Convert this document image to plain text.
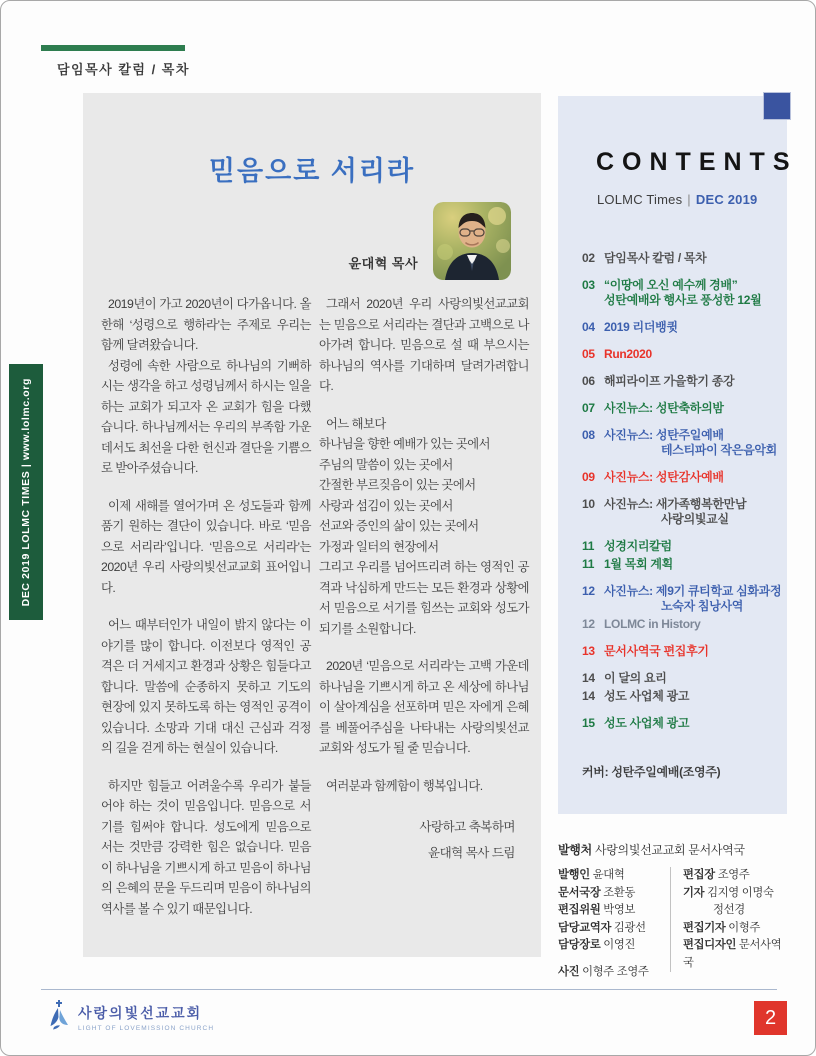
담임목사 칼럼 / 목차
DEC 2019 LOLMC TIMES | www.lolmc.org
믿음으로 서리라
윤대혁 목사

2019년이 가고 2020년이 다가옵니다. 올 한해 ‘성령으로 행하라’는 주제로 우리는 함께 달려왔습니다.

성령에 속한 사람으로 하나님의 기뻐하시는 생각을 하고 성령님께서 하시는 일을 하는 교회가 되고자 온 교회가 힘을 다했습니다. 하나님께서는 우리의 부족함 가운데서도 최선을 다한 헌신과 결단을 기쁨으로 받아주셨습니다.

이제 새해를 열어가며 온 성도들과 함께 품기 원하는 결단이 있습니다. 바로 ‘믿음으로 서리라’입니다. ‘믿음으로 서리라’는 2020년 우리 사랑의빛선교교회 표어입니다.

어느 때부터인가 내일이 밝지 않다는 이야기를 많이 합니다. 이전보다 영적인 공격은 더 거세지고 환경과 상황은 힘들다고 합니다. 말씀에 순종하지 못하고 기도의 현장에 있지 못하도록 하는 영적인 공격이 있습니다. 소망과 기대 대신 근심과 걱정의 길을 걷게 하는 현실이 있습니다.

하지만 힘들고 어려울수록 우리가 붙들어야 하는 것이 믿음입니다. 믿음으로 서기를 힘써야 합니다. 성도에게 믿음으로 서는 것만큼 강력한 힘은 없습니다. 믿음이 하나님을 기쁘시게 하고 믿음이 하나님의 은혜의 문을 두드리며 믿음이 하나님의 역사를 볼 수 있기 때문입니다.

그래서 2020년 우리 사랑의빛선교교회는 믿음으로 서리라는 결단과 고백으로 나아가려 합니다. 믿음으로 설 때 부으시는 하나님의 역사를 기대하며 달려가려합니다.

어느 해보다
하나님을 향한 예배가 있는 곳에서
주님의 말씀이 있는 곳에서
간절한 부르짖음이 있는 곳에서
사랑과 섬김이 있는 곳에서
선교와 증인의 삶이 있는 곳에서
가정과 일터의 현장에서
그리고 우리를 넘어뜨리려 하는 영적인 공격과 낙심하게 만드는 모든 환경과 상황에서 믿음으로 서기를 힘쓰는 교회와 성도가 되기를 소원합니다.

2020년 ‘믿음으로 서리라’는 고백 가운데 하나님을 기쁘시게 하고 온 세상에 하나님이 살아계심을 선포하며 믿은 자에게 은혜를 베풀어주심을 나타내는 사랑의빛선교교회와 성도가 될 줄 믿습니다.

여러분과 함께함이 행복입니다.

사랑하고 축복하며
윤대혁 목사 드림
CONTENTS
LOLMC Times | DEC 2019
02 담임목사 칼럼 / 목차
03 “이땅에 오신 예수께 경배”
성탄예배와 행사로 풍성한 12월
04 2019 리더뱅큇
05 Run2020
06 해피라이프 가을학기 종강
07 사진뉴스: 성탄축하의밤
08 사진뉴스: 성탄주일예배
테스티파이 작은음악회
09 사진뉴스: 성탄감사예배
10 사진뉴스: 새가족행복한만남
사랑의빛교실
11 성경지리칼럼
11 1월 목회 계획
12 사진뉴스: 제9기 큐티학교 심화과정
노숙자 침낭사역
12 LOLMC in History
13 문서사역국 편집후기
14 이 달의 요리
14 성도 사업체 광고
15 성도 사업체 광고
커버: 성탄주일예배(조영주)
발행처 사랑의빛선교교회 문서사역국
발행인 윤대혁
문서국장 조환동
편집위원 박영보
담당교역자 김광선
담당장로 이영진
편집장 조영주
기자 김지영 이명숙
정선경
편집기자 이형주
편집디자인 문서사역국
사진 이형주 조영주
사랑의빛선교교회
LIGHT OF LOVEMISSION CHURCH	2
